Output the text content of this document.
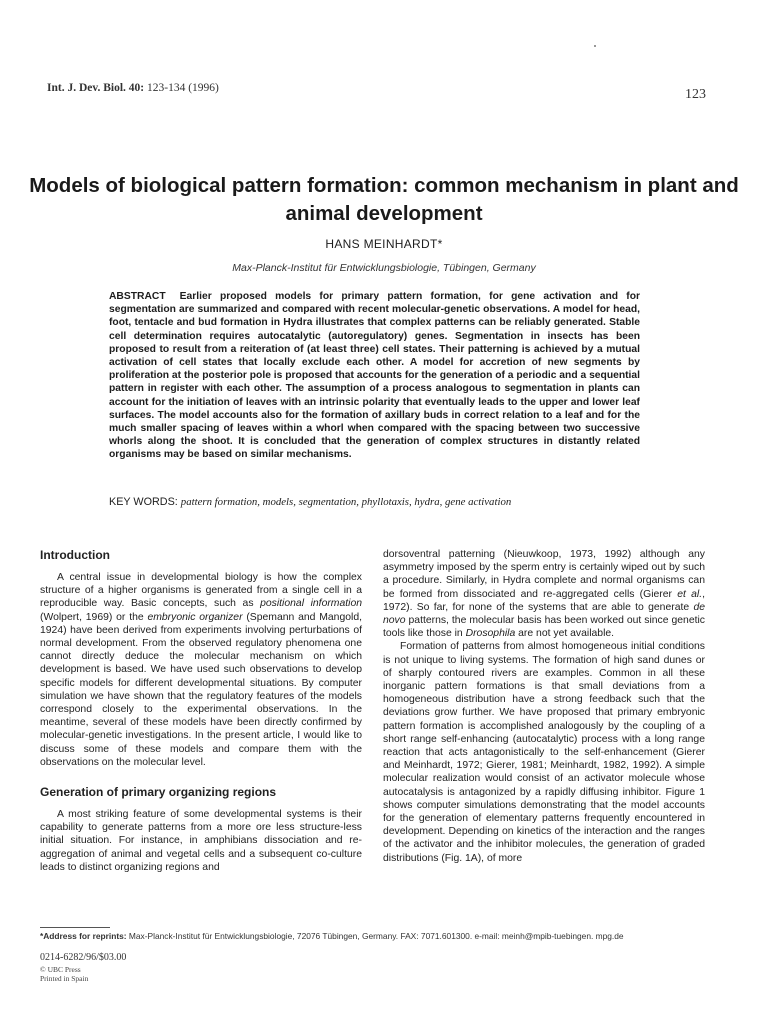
Int. J. Dev. Biol. 40: 123-134 (1996)	123
Models of biological pattern formation: common mechanism in plant and animal development
HANS MEINHARDT*
Max-Planck-Institut für Entwicklungsbiologie, Tübingen, Germany

ABSTRACT Earlier proposed models for primary pattern formation, for gene activation and for segmentation are summarized and compared with recent molecular-genetic observations. A model for head, foot, tentacle and bud formation in Hydra illustrates that complex patterns can be reliably generated. Stable cell determination requires autocatalytic (autoregulatory) genes. Segmentation in insects has been proposed to result from a reiteration of (at least three) cell states. Their patterning is achieved by a mutual activation of cell states that locally exclude each other. A model for accretion of new segments by proliferation at the posterior pole is proposed that accounts for the generation of a periodic and a sequential pattern in register with each other. The assumption of a process analogous to segmentation in plants can account for the initiation of leaves with an intrinsic polarity that eventually leads to the upper and lower leaf surfaces. The model accounts also for the formation of axillary buds in correct relation to a leaf and for the much smaller spacing of leaves within a whorl when compared with the spacing between two successive whorls along the shoot. It is concluded that the generation of complex structures in distantly related organisms may be based on similar mechanisms.

KEY WORDS: pattern formation, models, segmentation, phyllotaxis, hydra, gene activation
Introduction

A central issue in developmental biology is how the complex structure of a higher organisms is generated from a single cell in a reproducible way. Basic concepts, such as positional information (Wolpert, 1969) or the embryonic organizer (Spemann and Mangold, 1924) have been derived from experiments involving perturbations of normal development. From the observed regulatory phenomena one cannot directly deduce the molecular mechanism on which development is based. We have used such observations to develop specific models for different developmental situations. By computer simulation we have shown that the regulatory features of the models correspond closely to the experimental observations. In the meantime, several of these models have been directly confirmed by molecular-genetic investigations. In the present article, I would like to discuss some of these models and compare them with the observations on the molecular level.

Generation of primary organizing regions

A most striking feature of some developmental systems is their capability to generate patterns from a more ore less structure-less initial situation. For instance, in amphibians dissociation and re-aggregation of animal and vegetal cells and a subsequent co-culture leads to distinct organizing regions and

dorsoventral patterning (Nieuwkoop, 1973, 1992) although any asymmetry imposed by the sperm entry is certainly wiped out by such a procedure. Similarly, in Hydra complete and normal organisms can be formed from dissociated and re-aggregated cells (Gierer et al., 1972). So far, for none of the systems that are able to generate de novo patterns, the molecular basis has been worked out since genetic tools like those in Drosophila are not yet available.

Formation of patterns from almost homogeneous initial conditions is not unique to living systems. The formation of high sand dunes or of sharply contoured rivers are examples. Common in all these inorganic pattern formations is that small deviations from a homogeneous distribution have a strong feedback such that the deviations grow further. We have proposed that primary embryonic pattern formation is accomplished analogously by the coupling of a short range self-enhancing (autocatalytic) process with a long range reaction that acts antagonistically to the self-enhancement (Gierer and Meinhardt, 1972; Gierer, 1981; Meinhardt, 1982, 1992). A simple molecular realization would consist of an activator molecule whose autocatalysis is antagonized by a rapidly diffusing inhibitor. Figure 1 shows computer simulations demonstrating that the model accounts for the generation of elementary patterns frequently encountered in development. Depending on kinetics of the interaction and the ranges of the activator and the inhibitor molecules, the generation of graded distributions (Fig. 1A), of more

*Address for reprints: Max-Planck-Institut für Entwicklungsbiologie, 72076 Tübingen, Germany. FAX: 7071.601300. e-mail: meinh@mpib-tuebingen. mpg.de
0214-6282/96/$03.00
© UBC Press
Printed in Spain
